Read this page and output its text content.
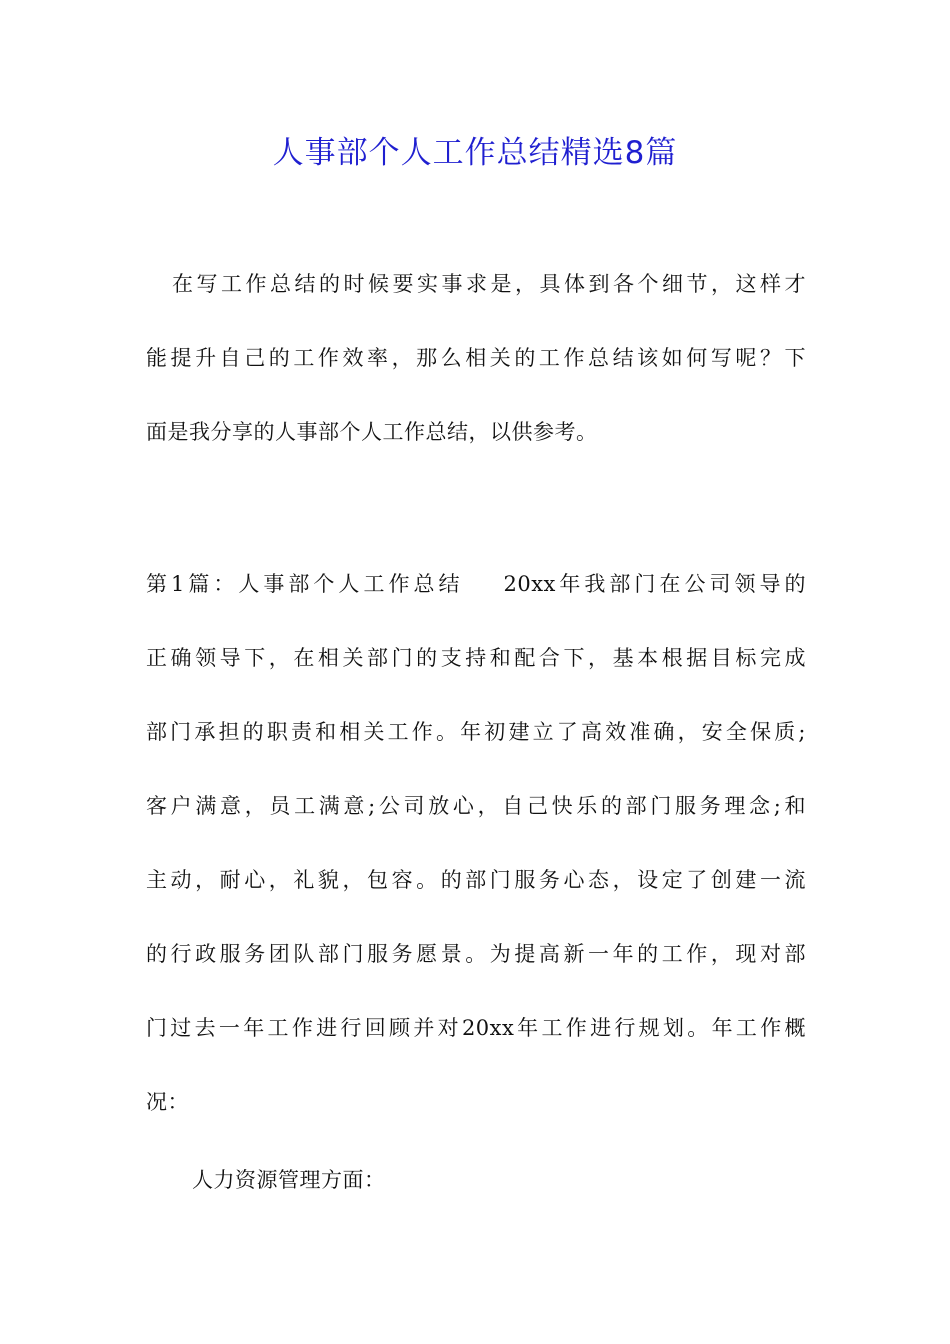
人事部个人工作总结精选8篇
在写工作总结的时候要实事求是，具体到各个细节，这样才
能提升自己的工作效率，那么相关的工作总结该如何写呢？下
面是我分享的人事部个人工作总结，以供参考。
第1篇：人事部个人工作总结 20xx年我部门在公司领导的
正确领导下，在相关部门的支持和配合下，基本根据目标完成
部门承担的职责和相关工作。年初建立了高效准确，安全保质;
客户满意，员工满意;公司放心，自己快乐的部门服务理念;和
主动，耐心，礼貌，包容。的部门服务心态，设定了创建一流
的行政服务团队部门服务愿景。为提高新一年的工作，现对部
门过去一年工作进行回顾并对20xx年工作进行规划。年工作概
况：
人力资源管理方面：
